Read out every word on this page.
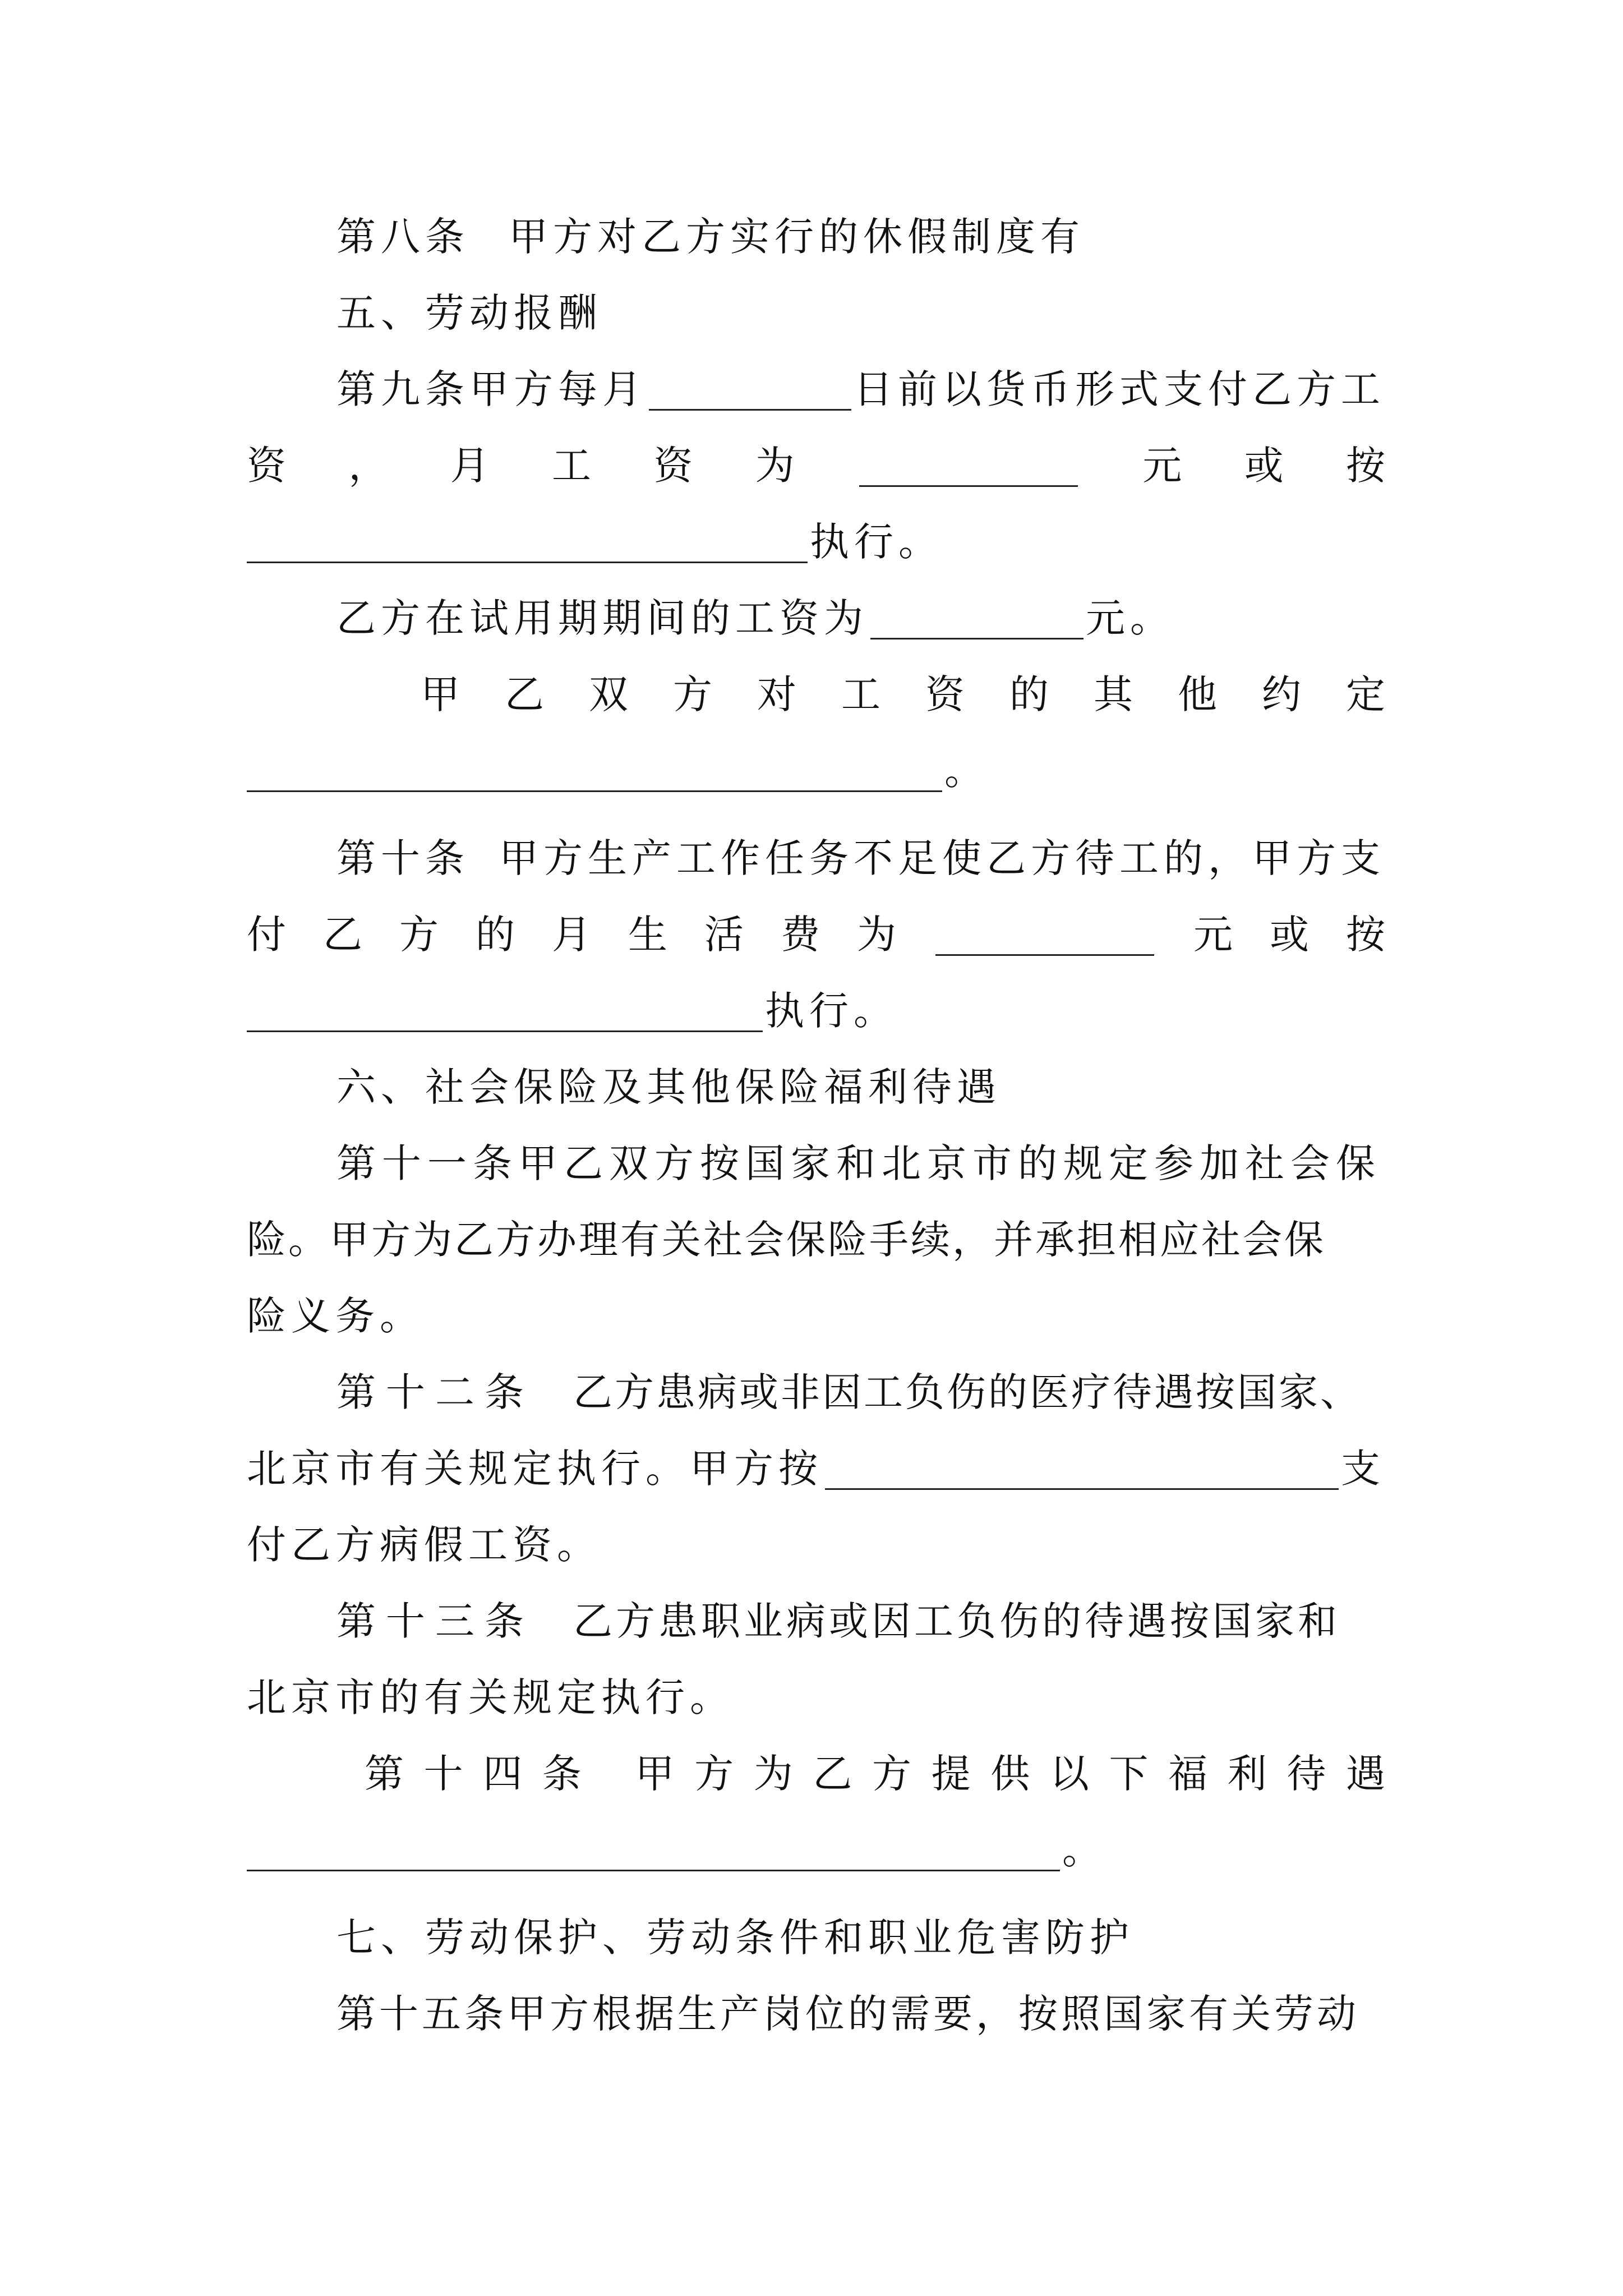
第八条 甲方对乙方实行的休假制度有
五、劳动报酬
第九条甲方每月	日前以货币形式支付乙方工
资 ， 月 工 资 为	元 或 按
执行。
乙方在试用期期间的工资为	元。
甲 乙 双 方 对 工 资 的 其 他 约 定
。
第十条 甲方生产工作任务不足使乙方待工的，甲方支
付 乙 方 的 月 生 活 费 为	元 或 按
执行。
六、社会保险及其他保险福利待遇
第十一条甲乙双方按国家和北京市的规定参加社会保
险。甲方为乙方办理有关社会保险手续，并承担相应社会保
险义务。
第十二条 乙方患病或非因工负伤的医疗待遇按国家、
北京市有关规定执行。甲方按	支
付乙方病假工资。
第十三条 乙方患职业病或因工负伤的待遇按国家和
北京市的有关规定执行。
第 十 四 条 甲 方 为 乙 方 提 供 以 下 福 利 待 遇
。
七、劳动保护、劳动条件和职业危害防护
第十五条甲方根据生产岗位的需要，按照国家有关劳动
